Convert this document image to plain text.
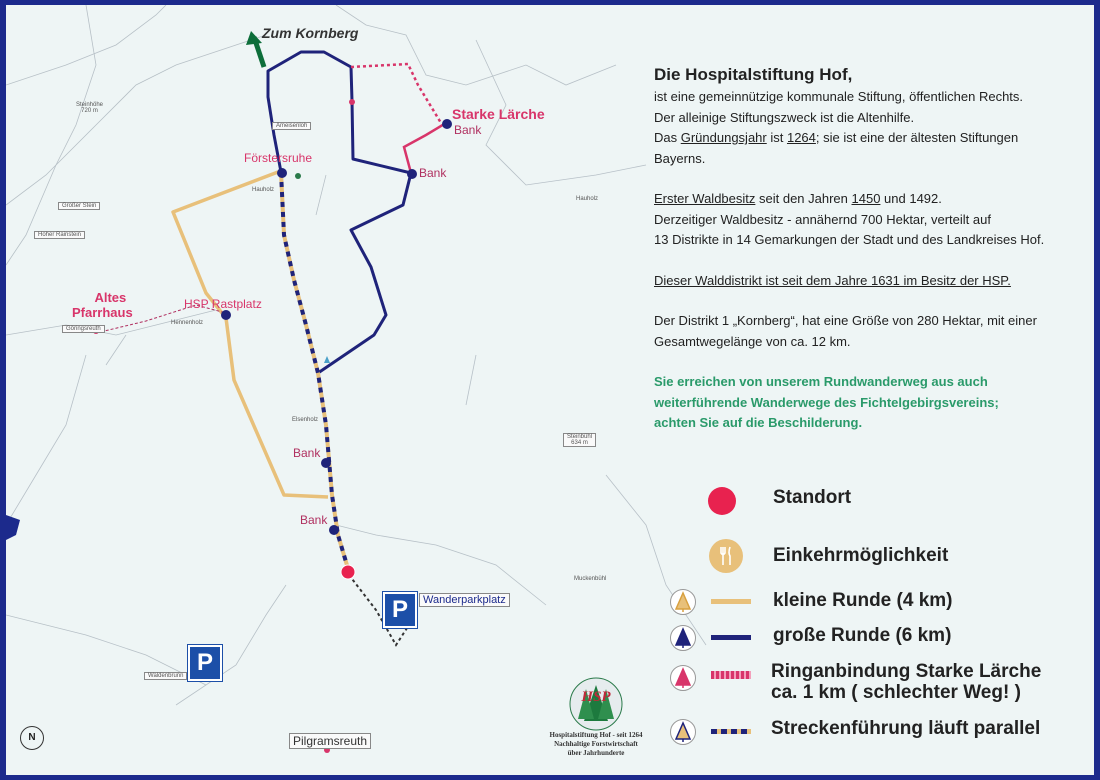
Zum Kornberg
Starke Lärche
Bank
Bank
Förstersruhe
HSP Rastplatz
Altes
Pfarrhaus
Bank
Bank
Wanderparkplatz
Pilgramsreuth
Steinhöhe
720 m
Großer Stein
Hoher Rainstein
Ameisenloh
Hauholz
Hauholz
Hennenholz
Göringsreuth
Elsenholz
Steinbühl
634 m
Muckenbühl
Waldenbrunn
P
P
N

Die Hospitalstiftung Hof,

ist eine gemeinnützige kommunale Stiftung, öffentlichen Rechts.

Der alleinige Stiftungszweck ist die Altenhilfe.

Das Gründungsjahr ist 1264; sie ist eine der ältesten Stiftungen

Bayerns.

Erster Waldbesitz seit den Jahren 1450 und 1492.

Derzeitiger Waldbesitz - annähernd 700 Hektar, verteilt auf

13 Distrikte in 14 Gemarkungen der Stadt und des Landkreises Hof.

Dieser Walddistrikt ist seit dem Jahre 1631 im Besitz der HSP.

Der Distrikt 1 „Kornberg“, hat eine Größe von 280 Hektar, mit einer

Gesamtwegelänge von ca. 12 km.

Sie erreichen von unserem Rundwanderweg aus auch

weiterführende Wanderwege des Fichtelgebirgsvereins;

achten Sie auf die Beschilderung.

Standort
Einkehrmöglichkeit
kleine Runde (4 km)
große Runde (6 km)
Ringanbindung Starke Lärche
ca. 1 km ( schlechter Weg! )
Streckenführung läuft parallel
HSP
Hospitalstiftung Hof - seit 1264
Nachhaltige Forstwirtschaft
über Jahrhunderte
